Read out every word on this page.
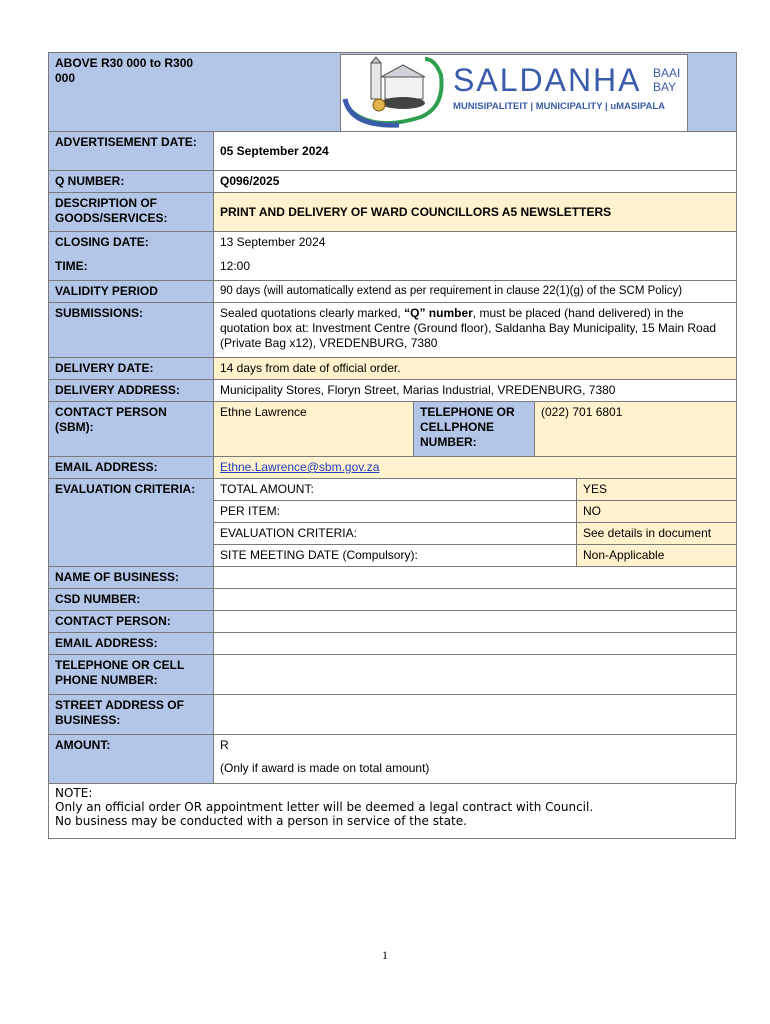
ABOVE R30 000 to R300 000	
ADVERTISEMENT DATE:	05 September 2024
Q NUMBER:	Q096/2025
DESCRIPTION OF GOODS/SERVICES:	PRINT AND DELIVERY OF WARD COUNCILLORS A5 NEWSLETTERS
CLOSING DATE:	13 September 2024
TIME:	12:00
VALIDITY PERIOD	90 days (will automatically extend as per requirement in clause 22(1)(g) of the SCM Policy)
SUBMISSIONS:	Sealed quotations clearly marked, “Q” number, must be placed (hand delivered) in the quotation box at: Investment Centre (Ground floor), Saldanha Bay Municipality, 15 Main Road (Private Bag x12), VREDENBURG, 7380
DELIVERY DATE:	14 days from date of official order.
DELIVERY ADDRESS:	Municipality Stores, Floryn Street, Marias Industrial, VREDENBURG, 7380
CONTACT PERSON (SBM):	Ethne Lawrence	TELEPHONE OR CELLPHONE NUMBER:	(022) 701 6801
EMAIL ADDRESS:	Ethne.Lawrence@sbm.gov.za
EVALUATION CRITERIA:	TOTAL AMOUNT:	YES
PER ITEM:	NO
EVALUATION CRITERIA:	See details in document
SITE MEETING DATE (Compulsory):	Non-Applicable

NAME OF BUSINESS:	
CSD NUMBER:	
CONTACT PERSON:	
EMAIL ADDRESS:	
TELEPHONE OR CELL PHONE NUMBER:	
STREET ADDRESS OF BUSINESS:	
AMOUNT:	R
(Only if award is made on total amount)
NOTE:
Only an official order OR appointment letter will be deemed a legal contract with Council.
No business may be conducted with a person in service of the state.
SALDANHA BAAI
BAY
MUNISIPALITEIT | MUNICIPALITY | uMASIPALA
1
